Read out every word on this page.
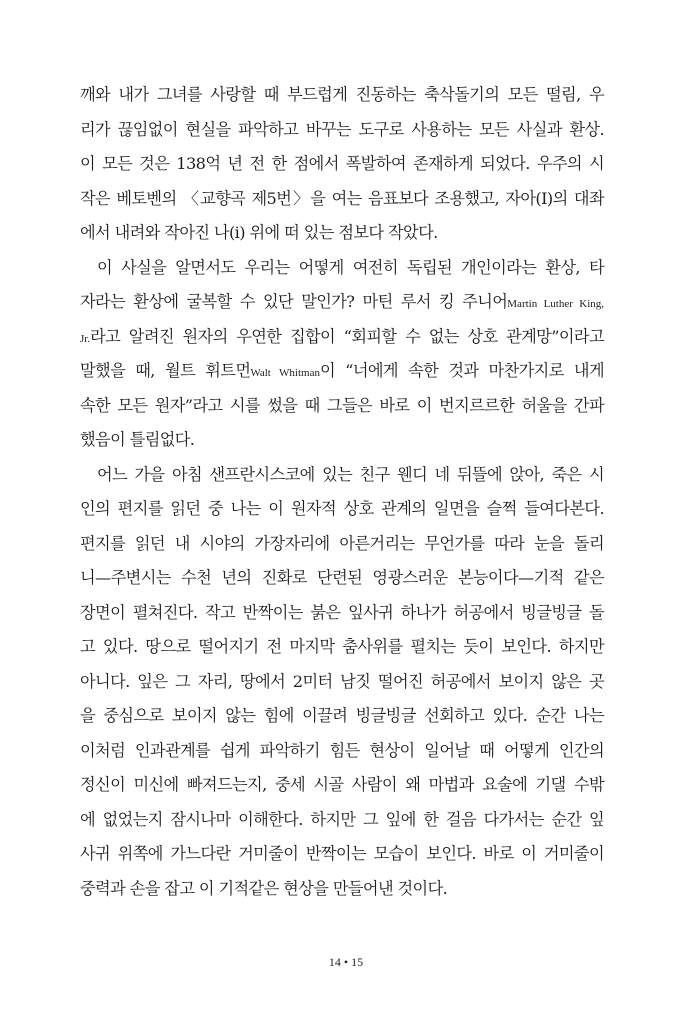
깨와 내가 그녀를 사랑할 때 부드럽게 진동하는 축삭돌기의 모든 떨림, 우
리가 끊임없이 현실을 파악하고 바꾸는 도구로 사용하는 모든 사실과 환상.
이 모든 것은 138억 년 전 한 점에서 폭발하여 존재하게 되었다. 우주의 시
작은 베토벤의 〈교향곡 제5번〉을 여는 음표보다 조용했고, 자아(I)의 대좌
에서 내려와 작아진 나(i) 위에 떠 있는 점보다 작았다.
이 사실을 알면서도 우리는 어떻게 여전히 독립된 개인이라는 환상, 타
자라는 환상에 굴복할 수 있단 말인가? 마틴 루서 킹 주니어Martin Luther King,
Jr.라고 알려진 원자의 우연한 집합이 “회피할 수 없는 상호 관계망”이라고
말했을 때, 월트 휘트먼Walt Whitman이 “너에게 속한 것과 마찬가지로 내게
속한 모든 원자”라고 시를 썼을 때 그들은 바로 이 번지르르한 허울을 간파
했음이 틀림없다.
어느 가을 아침 샌프란시스코에 있는 친구 웬디 네 뒤뜰에 앉아, 죽은 시
인의 편지를 읽던 중 나는 이 원자적 상호 관계의 일면을 슬쩍 들여다본다.
편지를 읽던 내 시야의 가장자리에 아른거리는 무언가를 따라 눈을 돌리
니—주변시는 수천 년의 진화로 단련된 영광스러운 본능이다—기적 같은
장면이 펼쳐진다. 작고 반짝이는 붉은 잎사귀 하나가 허공에서 빙글빙글 돌
고 있다. 땅으로 떨어지기 전 마지막 춤사위를 펼치는 듯이 보인다. 하지만
아니다. 잎은 그 자리, 땅에서 2미터 남짓 떨어진 허공에서 보이지 않은 곳
을 중심으로 보이지 않는 힘에 이끌려 빙글빙글 선회하고 있다. 순간 나는
이처럼 인과관계를 쉽게 파악하기 힘든 현상이 일어날 때 어떻게 인간의
정신이 미신에 빠져드는지, 중세 시골 사람이 왜 마법과 요술에 기댈 수밖
에 없었는지 잠시나마 이해한다. 하지만 그 잎에 한 걸음 다가서는 순간 잎
사귀 위쪽에 가느다란 거미줄이 반짝이는 모습이 보인다. 바로 이 거미줄이
중력과 손을 잡고 이 기적같은 현상을 만들어낸 것이다.
14 • 15
